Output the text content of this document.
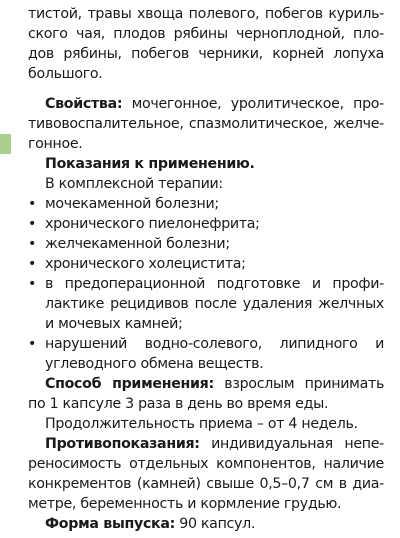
тистой, травы хвоща полевого, побегов куриль-
ского чая, плодов рябины черноплодной, пло-
дов рябины, побегов черники, корней лопуха
большого.
Свойства: мочегонное, уролитическое, про-
тивовоспалительное, спазмолитическое, желче-
гонное.
Показания к применению.
В комплексной терапии:
• мочекаменной болезни;
• хронического пиелонефрита;
• желчекаменной болезни;
• хронического холецистита;
• в предоперационной подготовке и профи-
лактике рецидивов после удаления желчных
и мочевых камней;
• нарушений водно-солевого, липидного и
углеводного обмена веществ.
Способ применения: взрослым принимать
по 1 капсуле 3 раза в день во время еды.
Продолжительность приема – от 4 недель.
Противопоказания: индивидуальная непе-
реносимость отдельных компонентов, наличие
конкрементов (камней) свыше 0,5–0,7 см в диа-
метре, беременность и кормление грудью.
Форма выпуска: 90 капсул.
